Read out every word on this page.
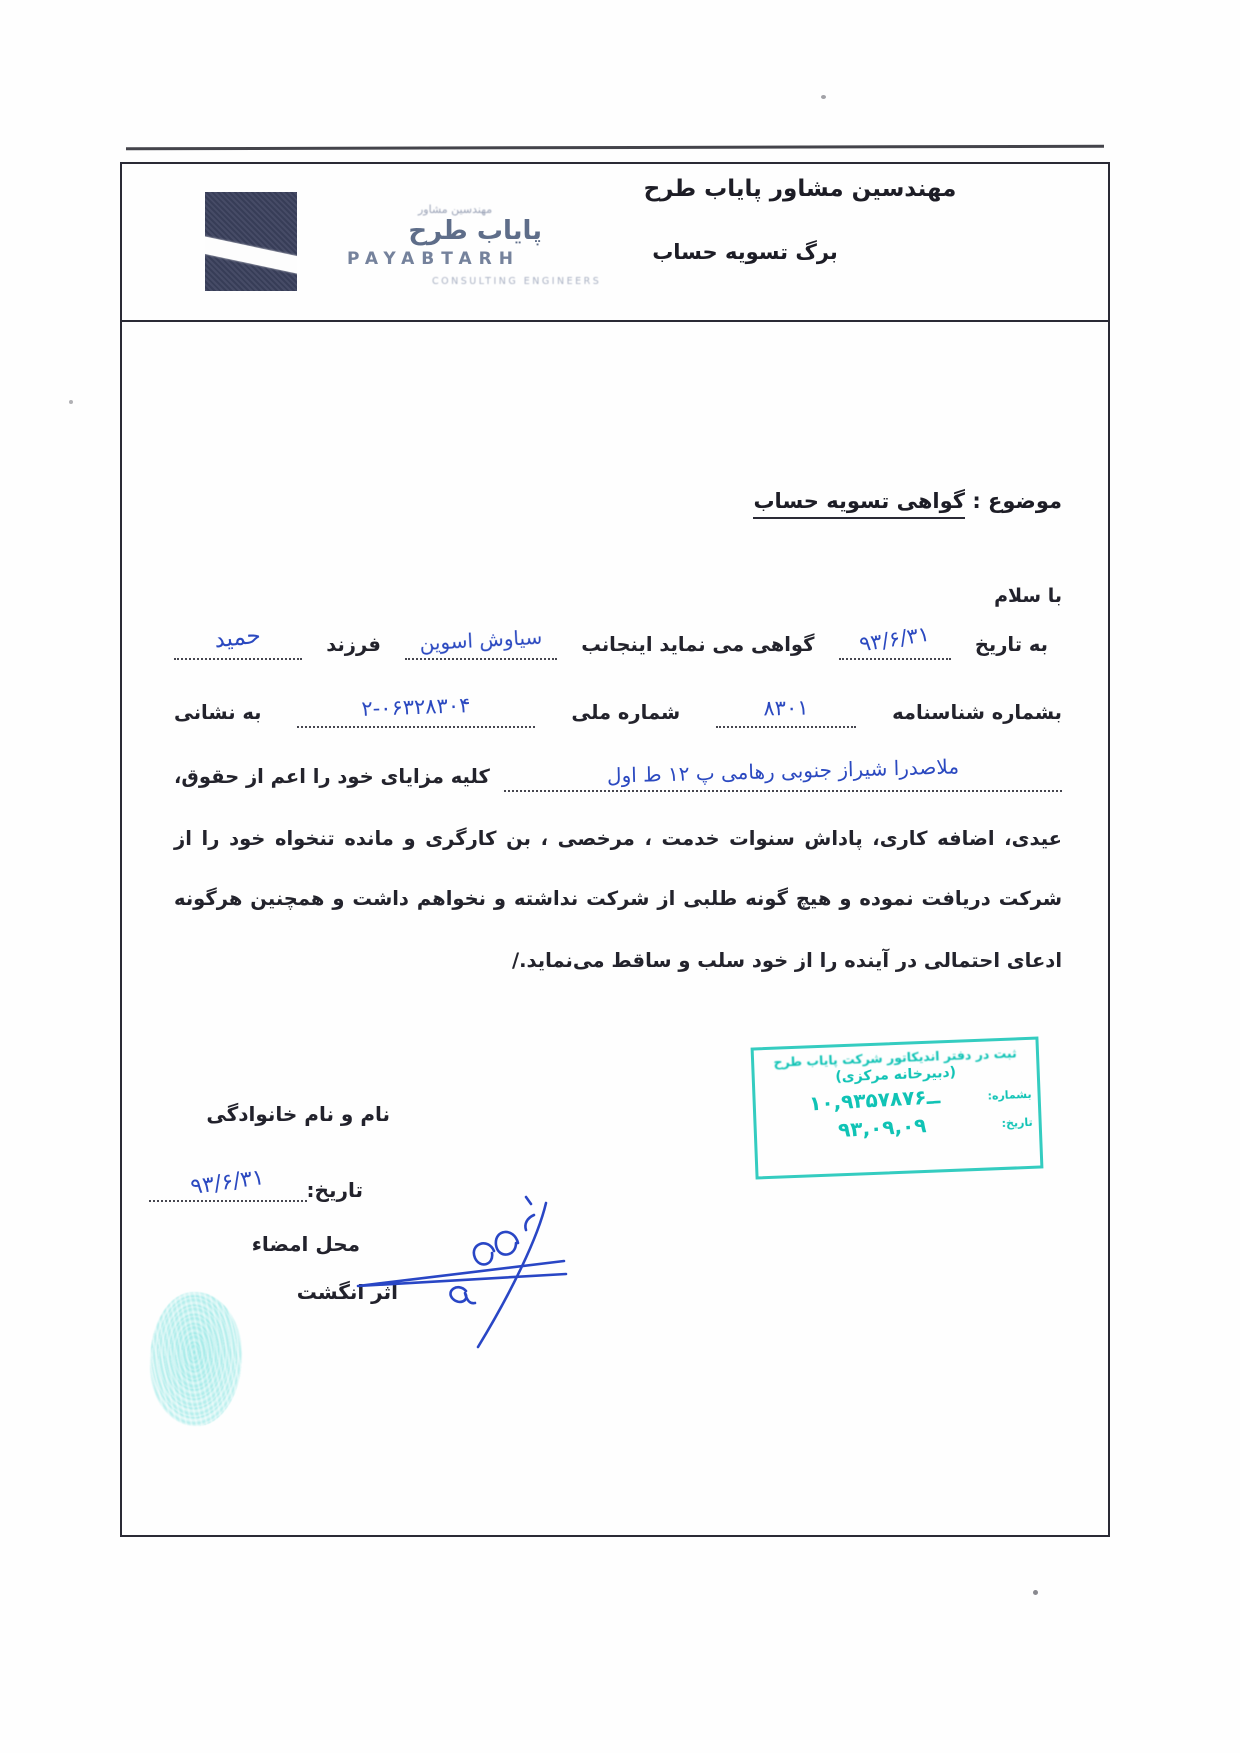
مهندسین مشاور
پایاب طرح
PAYABTARH
CONSULTING ENGINEERS
مهندسین مشاور پایاب طرح
برگ تسویه حساب
موضوع : گواهی تسویه حساب
با سلام
به تاریخ
۹۳/۶/۳۱
گواهی می نماید اینجانب
سیاوش اسوین
فرزند
حمید
بشماره شناسنامه
۸۳۰۱
شماره ملی
۲-۰۶۳۲۸۳۰۴
به نشانی
ملاصدرا شیراز جنوبی رهامی پ ۱۲ ط اول
کلیه مزایای خود را اعم از حقوق،
عیدی، اضافه کاری، پاداش سنوات خدمت ، مرخصی ، بن کارگری و مانده تنخواه خود را از
شرکت دریافت نموده و هیچ گونه طلبی از شرکت نداشته و نخواهم داشت و همچنین هرگونه
ادعای احتمالی در آینده را از خود سلب و ساقط می‌نماید./
ثبت در دفتر اندیکاتور شرکت پایاب طرح
(دبیرخانه مرکزی)
بشماره:
۱۰,۹۳ــ۵۷۸۷۶
تاریخ:
۹۳,۰۹,۰۹
نام و نام خانوادگی
تاریخ:
۹۳/۶/۳۱
محل امضاء
اثر انگشت
